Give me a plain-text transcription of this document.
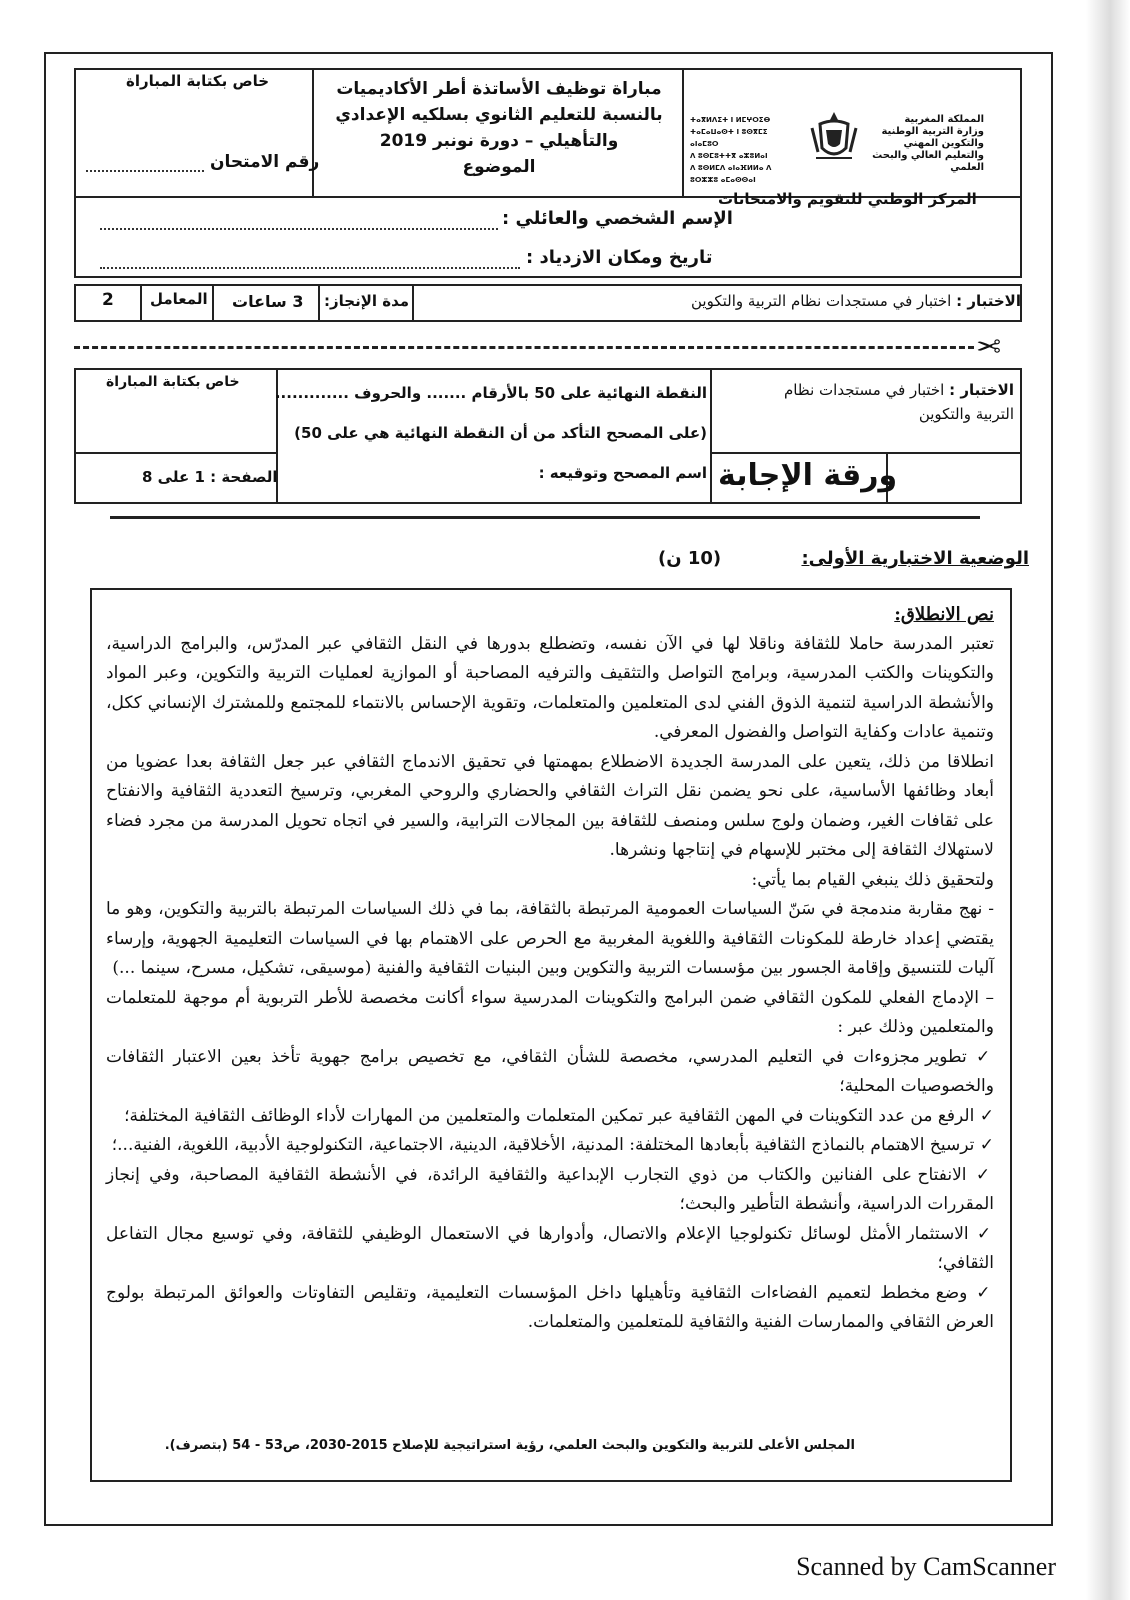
خاص بكتابة المباراة
رقم الامتحان
مباراة توظيف الأساتذة أطر الأكاديميات
بالنسبة للتعليم الثانوي بسلكيه الإعدادي
والتأهيلي – دورة نونبر 2019
الموضوع
ⵜⴰⴳⵍⴷⵉⵜ ⵏ ⵍⵎⵖⵔⵉⴱ
ⵜⴰⵎⴰⵡⴰⵙⵜ ⵏ ⵓⵙⴳⵎⵉ ⴰⵏⴰⵎⵓⵔ
ⴷ ⵓⵙⵎⵓⵜⵜⴳ ⴰⵣⵓⵍⴰⵏ
ⴷ ⵓⵙⵍⵎⴷ ⴰⵏⴰⴼⵍⵍⴰ ⴷ ⵓⵔⵣⵣⵓ ⴰⵎⴰⵙⵙⴰⵏ
المملكة المغربية
وزارة التربية الوطنية
والتكوين المهني
والتعليم العالي والبحث العلمي
المركز الوطني للتقويم والامتحانات
الإسم الشخصي والعائلي :
تاريخ ومكان الازدياد :
الاختبار : اختبار في مستجدات نظام التربية والتكوين
مدة الإنجاز:
3 ساعات
المعامل
2
✂
الاختبار : اختبار في مستجدات نظام
التربية والتكوين
ورقة الإجابة
النقطة النهائية على 50 بالأرقام ....... والحروف .............
(على المصحح التأكد من أن النقطة النهائية هي على 50)
اسم المصحح وتوقيعه :
خاص بكتابة المباراة
الصفحة : 1 على 8
الوضعية الاختبارية الأولى:
(10 ن)

نص الانطلاق:

تعتبر المدرسة حاملا للثقافة وناقلا لها في الآن نفسه، وتضطلع بدورها في النقل الثقافي عبر المدرّس، والبرامج الدراسية، والتكوينات والكتب المدرسية، وبرامج التواصل والتثقيف والترفيه المصاحبة أو الموازية لعمليات التربية والتكوين، وعبر المواد والأنشطة الدراسية لتنمية الذوق الفني لدى المتعلمين والمتعلمات، وتقوية الإحساس بالانتماء للمجتمع وللمشترك الإنساني ككل، وتنمية عادات وكفاية التواصل والفضول المعرفي.

انطلاقا من ذلك، يتعين على المدرسة الجديدة الاضطلاع بمهمتها في تحقيق الاندماج الثقافي عبر جعل الثقافة بعدا عضويا من أبعاد وظائفها الأساسية، على نحو يضمن نقل التراث الثقافي والحضاري والروحي المغربي، وترسيخ التعددية الثقافية والانفتاح على ثقافات الغير، وضمان ولوج سلس ومنصف للثقافة بين المجالات الترابية، والسير في اتجاه تحويل المدرسة من مجرد فضاء لاستهلاك الثقافة إلى مختبر للإسهام في إنتاجها ونشرها.

ولتحقيق ذلك ينبغي القيام بما يأتي:

- نهج مقاربة مندمجة في سَنّ السياسات العمومية المرتبطة بالثقافة، بما في ذلك السياسات المرتبطة بالتربية والتكوين، وهو ما يقتضي إعداد خارطة للمكونات الثقافية واللغوية المغربية مع الحرص على الاهتمام بها في السياسات التعليمية الجهوية، وإرساء آليات للتنسيق وإقامة الجسور بين مؤسسات التربية والتكوين وبين البنيات الثقافية والفنية (موسيقى، تشكيل، مسرح، سينما ...)

– الإدماج الفعلي للمكون الثقافي ضمن البرامج والتكوينات المدرسية سواء أكانت مخصصة للأطر التربوية أم موجهة للمتعلمات والمتعلمين وذلك عبر :

✓ تطوير مجزوءات في التعليم المدرسي، مخصصة للشأن الثقافي، مع تخصيص برامج جهوية تأخذ بعين الاعتبار الثقافات والخصوصيات المحلية؛

✓ الرفع من عدد التكوينات في المهن الثقافية عبر تمكين المتعلمات والمتعلمين من المهارات لأداء الوظائف الثقافية المختلفة؛

✓ ترسيخ الاهتمام بالنماذج الثقافية بأبعادها المختلفة: المدنية، الأخلاقية، الدينية، الاجتماعية، التكنولوجية الأدبية، اللغوية، الفنية...؛

✓ الانفتاح على الفنانين والكتاب من ذوي التجارب الإبداعية والثقافية الرائدة، في الأنشطة الثقافية المصاحبة، وفي إنجاز المقررات الدراسية، وأنشطة التأطير والبحث؛

✓ الاستثمار الأمثل لوسائل تكنولوجيا الإعلام والاتصال، وأدوارها في الاستعمال الوظيفي للثقافة، وفي توسيع مجال التفاعل الثقافي؛

✓ وضع مخطط لتعميم الفضاءات الثقافية وتأهيلها داخل المؤسسات التعليمية، وتقليص التفاوتات والعوائق المرتبطة بولوج العرض الثقافي والممارسات الفنية والثقافية للمتعلمين والمتعلمات.

المجلس الأعلى للتربية والتكوين والبحث العلمي، رؤية استراتيجية للإصلاح 2015-2030، ص53 - 54 (بتصرف).
Scanned by CamScanner
